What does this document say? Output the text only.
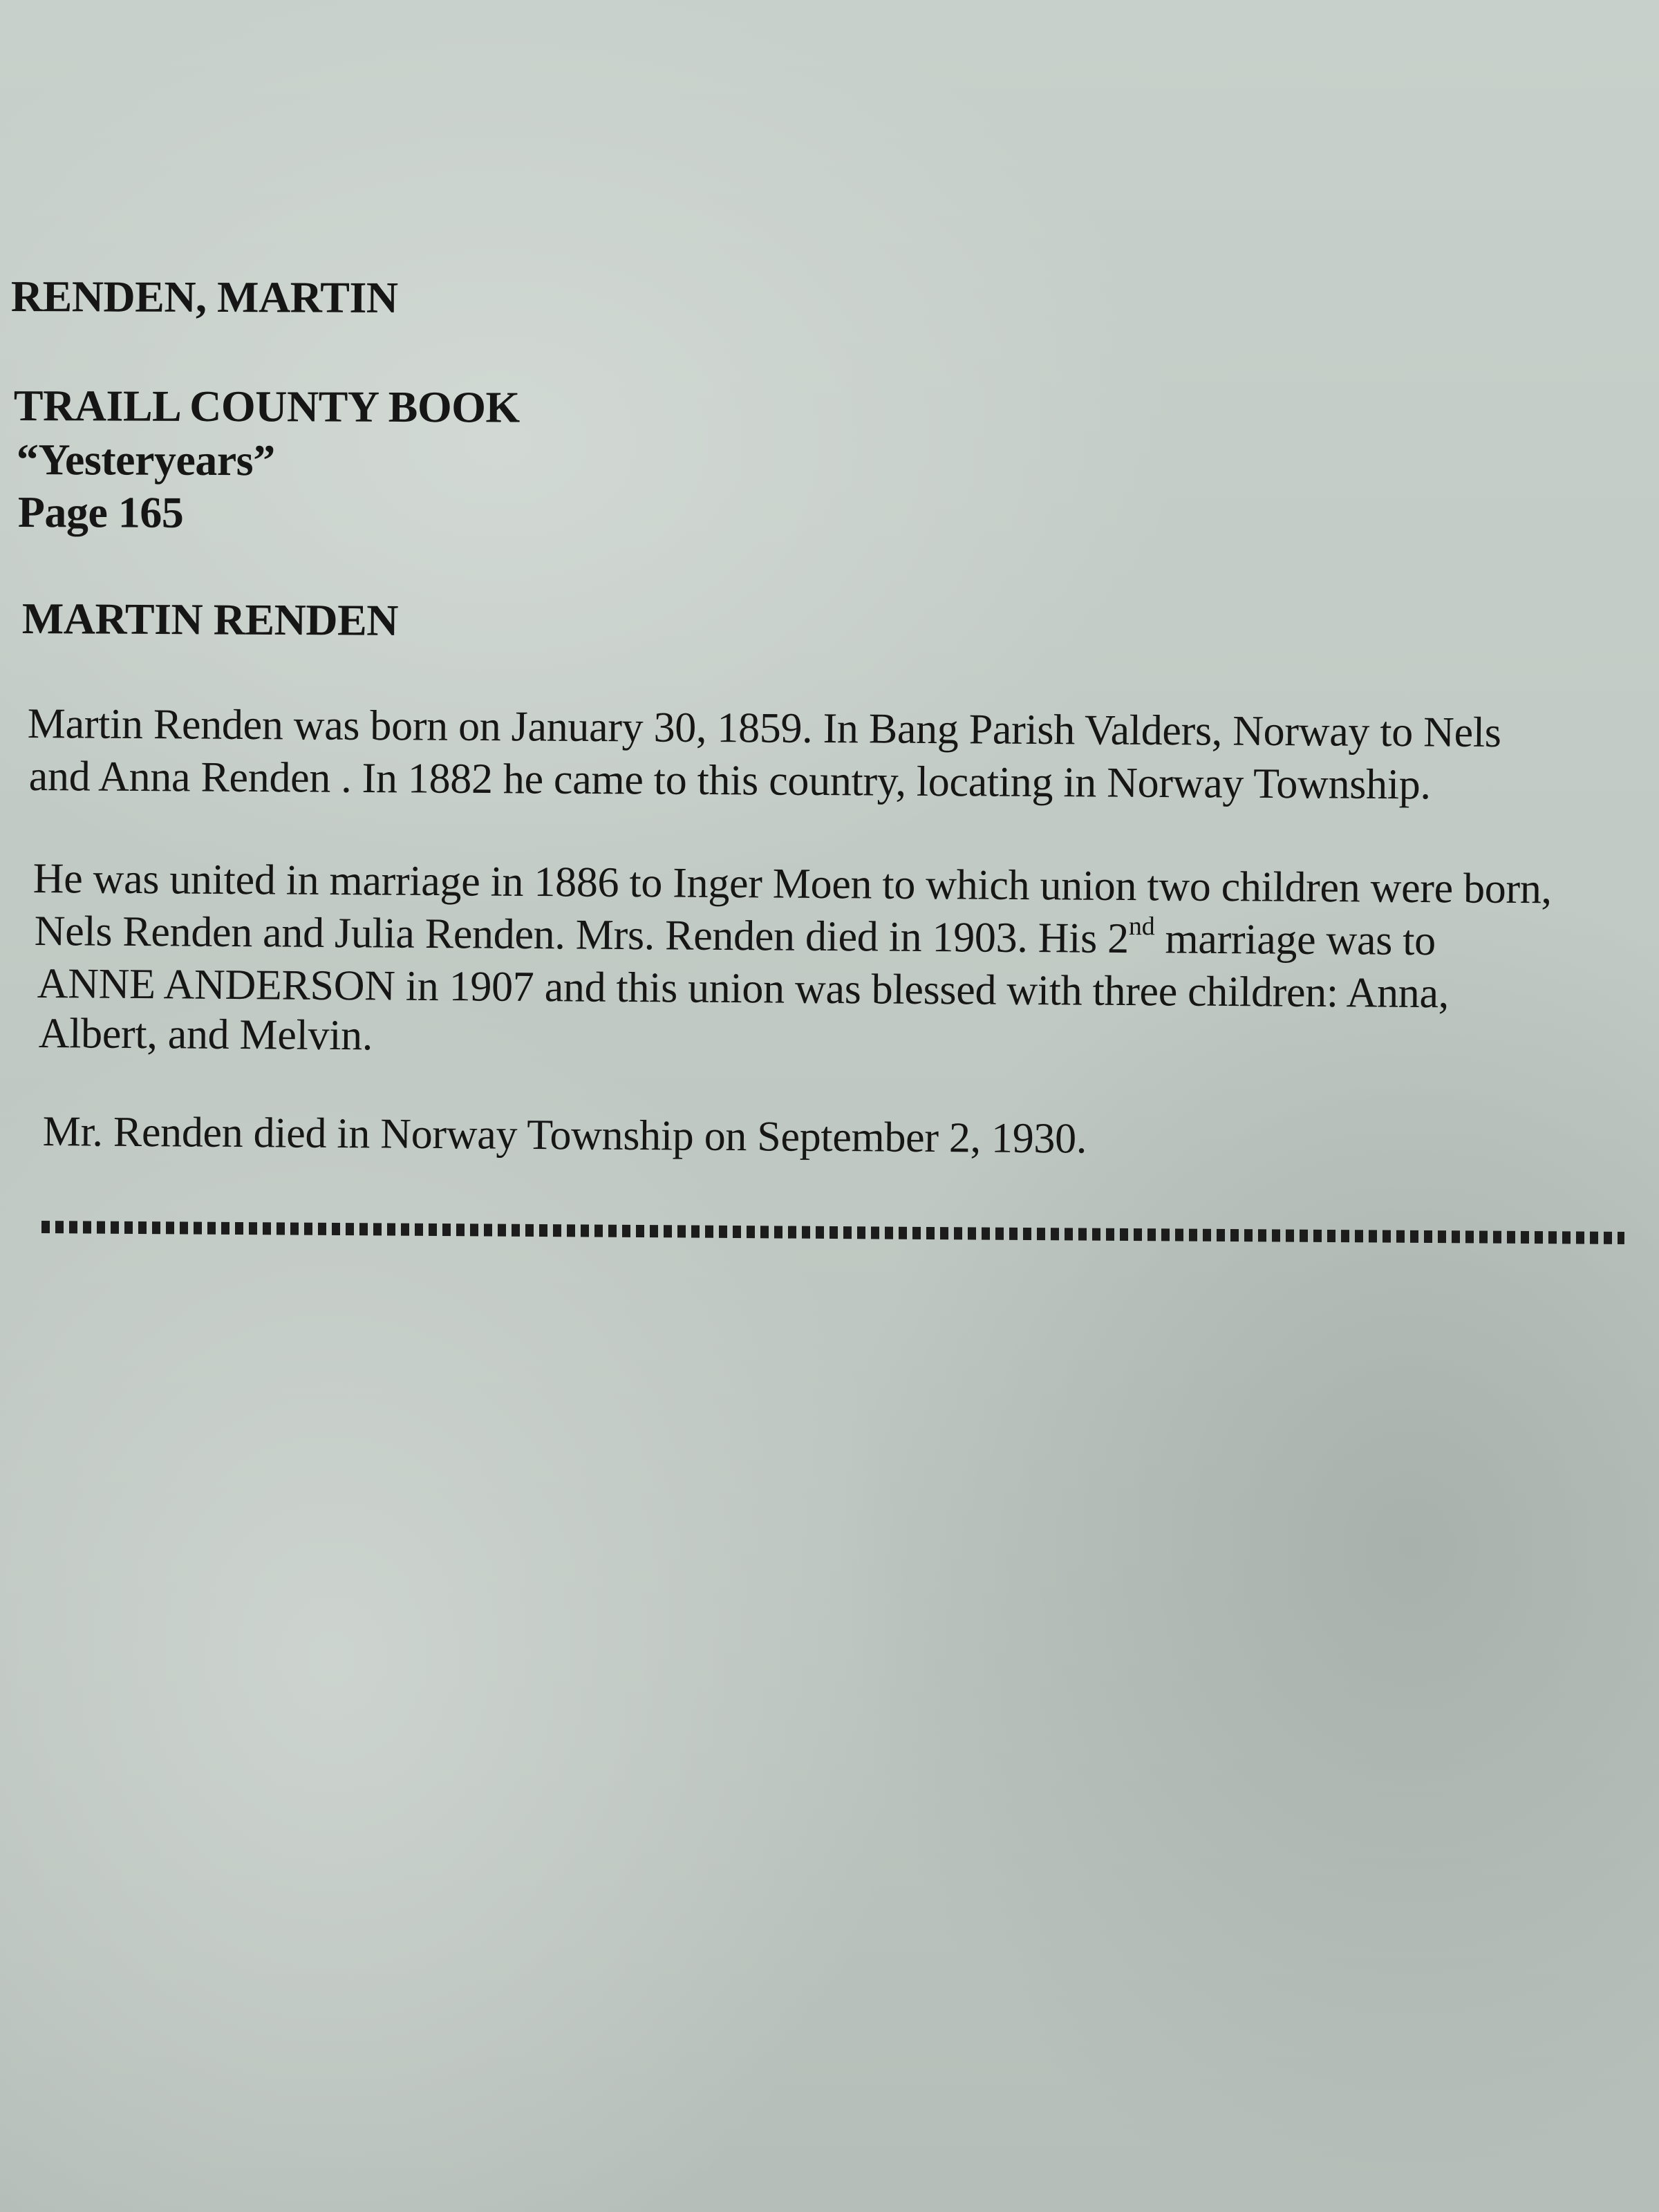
RENDEN, MARTIN

TRAILL COUNTY BOOK

“Yesteryears”

Page 165

MARTIN RENDEN

Martin Renden was born on January 30, 1859. In Bang Parish Valders, Norway to Nels

and Anna Renden . In 1882 he came to this country, locating in Norway Township.

He was united in marriage in 1886 to Inger Moen to which union two children were born,

Nels Renden and Julia Renden. Mrs. Renden died in 1903. His 2nd marriage was to

ANNE ANDERSON in 1907 and this union was blessed with three children: Anna,

Albert, and Melvin.

Mr. Renden died in Norway Township on September 2, 1930.
